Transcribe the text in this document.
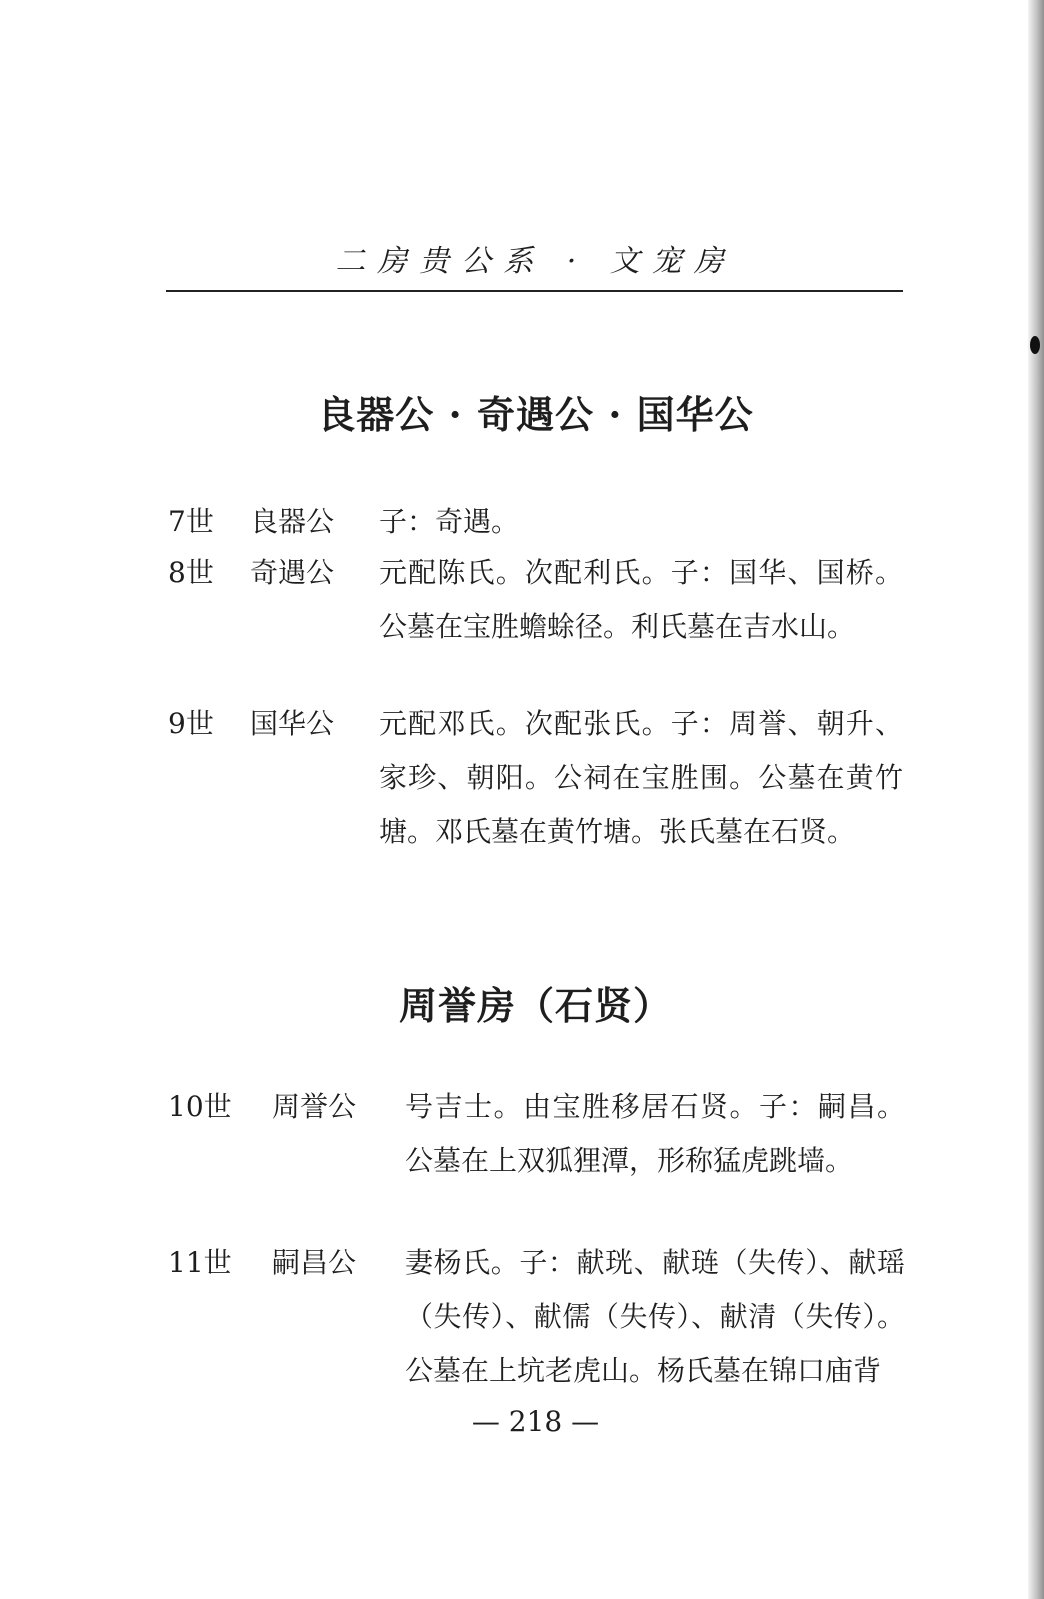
二房贵公系 · 文宠房
良器公 · 奇遇公 · 国华公
7世 良器公 子：奇遇。
8世 奇遇公 元配陈氏。次配利氏。子：国华、国桥。公墓在宝胜蟾蜍径。利氏墓在吉水山。
9世 国华公 元配邓氏。次配张氏。子：周誉、朝升、家珍、朝阳。公祠在宝胜围。公墓在黄竹塘。邓氏墓在黄竹塘。张氏墓在石贤。
周誉房（石贤）
10世 周誉公 号吉士。由宝胜移居石贤。子：嗣昌。公墓在上双狐狸潭，形称猛虎跳墙。
11世 嗣昌公 妻杨氏。子：献珖、献琏（失传）、献瑶（失传）、献儒（失传）、献清（失传）。公墓在上坑老虎山。杨氏墓在锦口庙背
— 218 —
